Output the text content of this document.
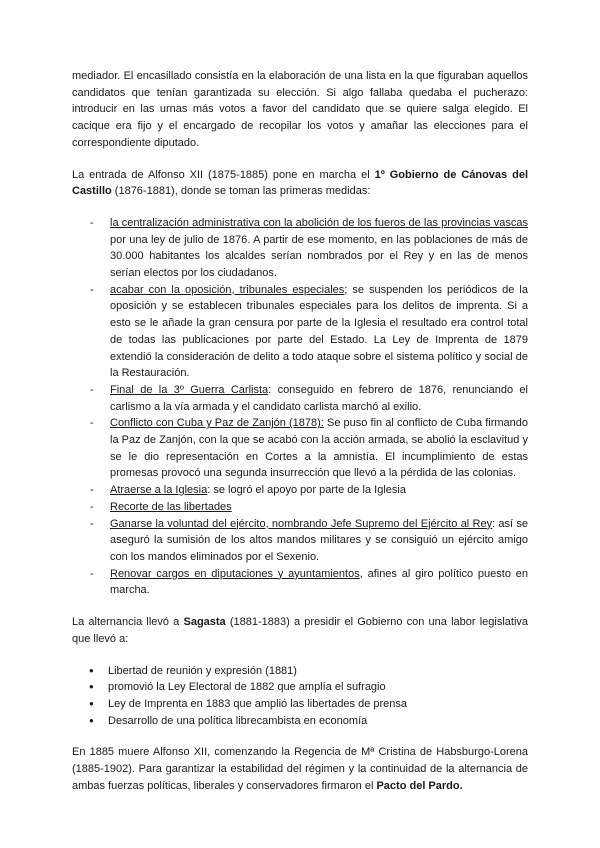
mediador. El encasillado consistía en la elaboración de una lista en la que figuraban aquellos candidatos que tenían garantizada su elección. Si algo fallaba quedaba el pucherazo: introducir en las urnas más votos a favor del candidato que se quiere salga elegido. El cacique era fijo y el encargado de recopilar los votos y amañar las elecciones para el correspondiente diputado.

La entrada de Alfonso XII (1875-1885) pone en marcha el 1º Gobierno de Cánovas del Castillo (1876-1881), donde se toman las primeras medidas:

- la centralización administrativa con la abolición de los fueros de las provincias vascas por una ley de julio de 1876. A partir de ese momento, en las poblaciones de más de 30.000 habitantes los alcaldes serían nombrados por el Rey y en las de menos serían electos por los ciudadanos.
- acabar con la oposición, tribunales especiales; se suspenden los periódicos de la oposición y se establecen tribunales especiales para los delitos de imprenta. Si a esto se le añade la gran censura por parte de la Iglesia el resultado era control total de todas las publicaciones por parte del Estado. La Ley de Imprenta de 1879 extendió la consideración de delito a todo ataque sobre el sistema político y social de la Restauración.
- Final de la 3º Guerra Carlista: conseguido en febrero de 1876, renunciando el carlismo a la vía armada y el candidato carlista marchó al exilio.
- Conflicto con Cuba y Paz de Zanjón (1878): Se puso fin al conflicto de Cuba firmando la Paz de Zanjón, con la que se acabó con la acción armada, se abolió la esclavitud y se le dio representación en Cortes a la amnistía. El incumplimiento de estas promesas provocó una segunda insurrección que llevó a la pérdida de las colonias.
- Atraerse a la Iglesia: se logró el apoyo por parte de la Iglesia
- Recorte de las libertades
- Ganarse la voluntad del ejército, nombrando Jefe Supremo del Ejército al Rey: así se aseguró la sumisión de los altos mandos militares y se consiguió un ejército amigo con los mandos eliminados por el Sexenio.
- Renovar cargos en diputaciones y ayuntamientos, afines al giro político puesto en marcha.

La alternancia llevó a Sagasta (1881-1883) a presidir el Gobierno con una labor legislativa que llevó a:

● Libertad de reunión y expresión (1881)
● promovió la Ley Electoral de 1882 que amplía el sufragio
● Ley de Imprenta en 1883 que amplió las libertades de prensa
● Desarrollo de una política librecambista en economía

En 1885 muere Alfonso XII, comenzando la Regencia de Mª Cristina de Habsburgo-Lorena (1885-1902). Para garantizar la estabilidad del régimen y la continuidad de la alternancia de ambas fuerzas políticas, liberales y conservadores firmaron el Pacto del Pardo.
